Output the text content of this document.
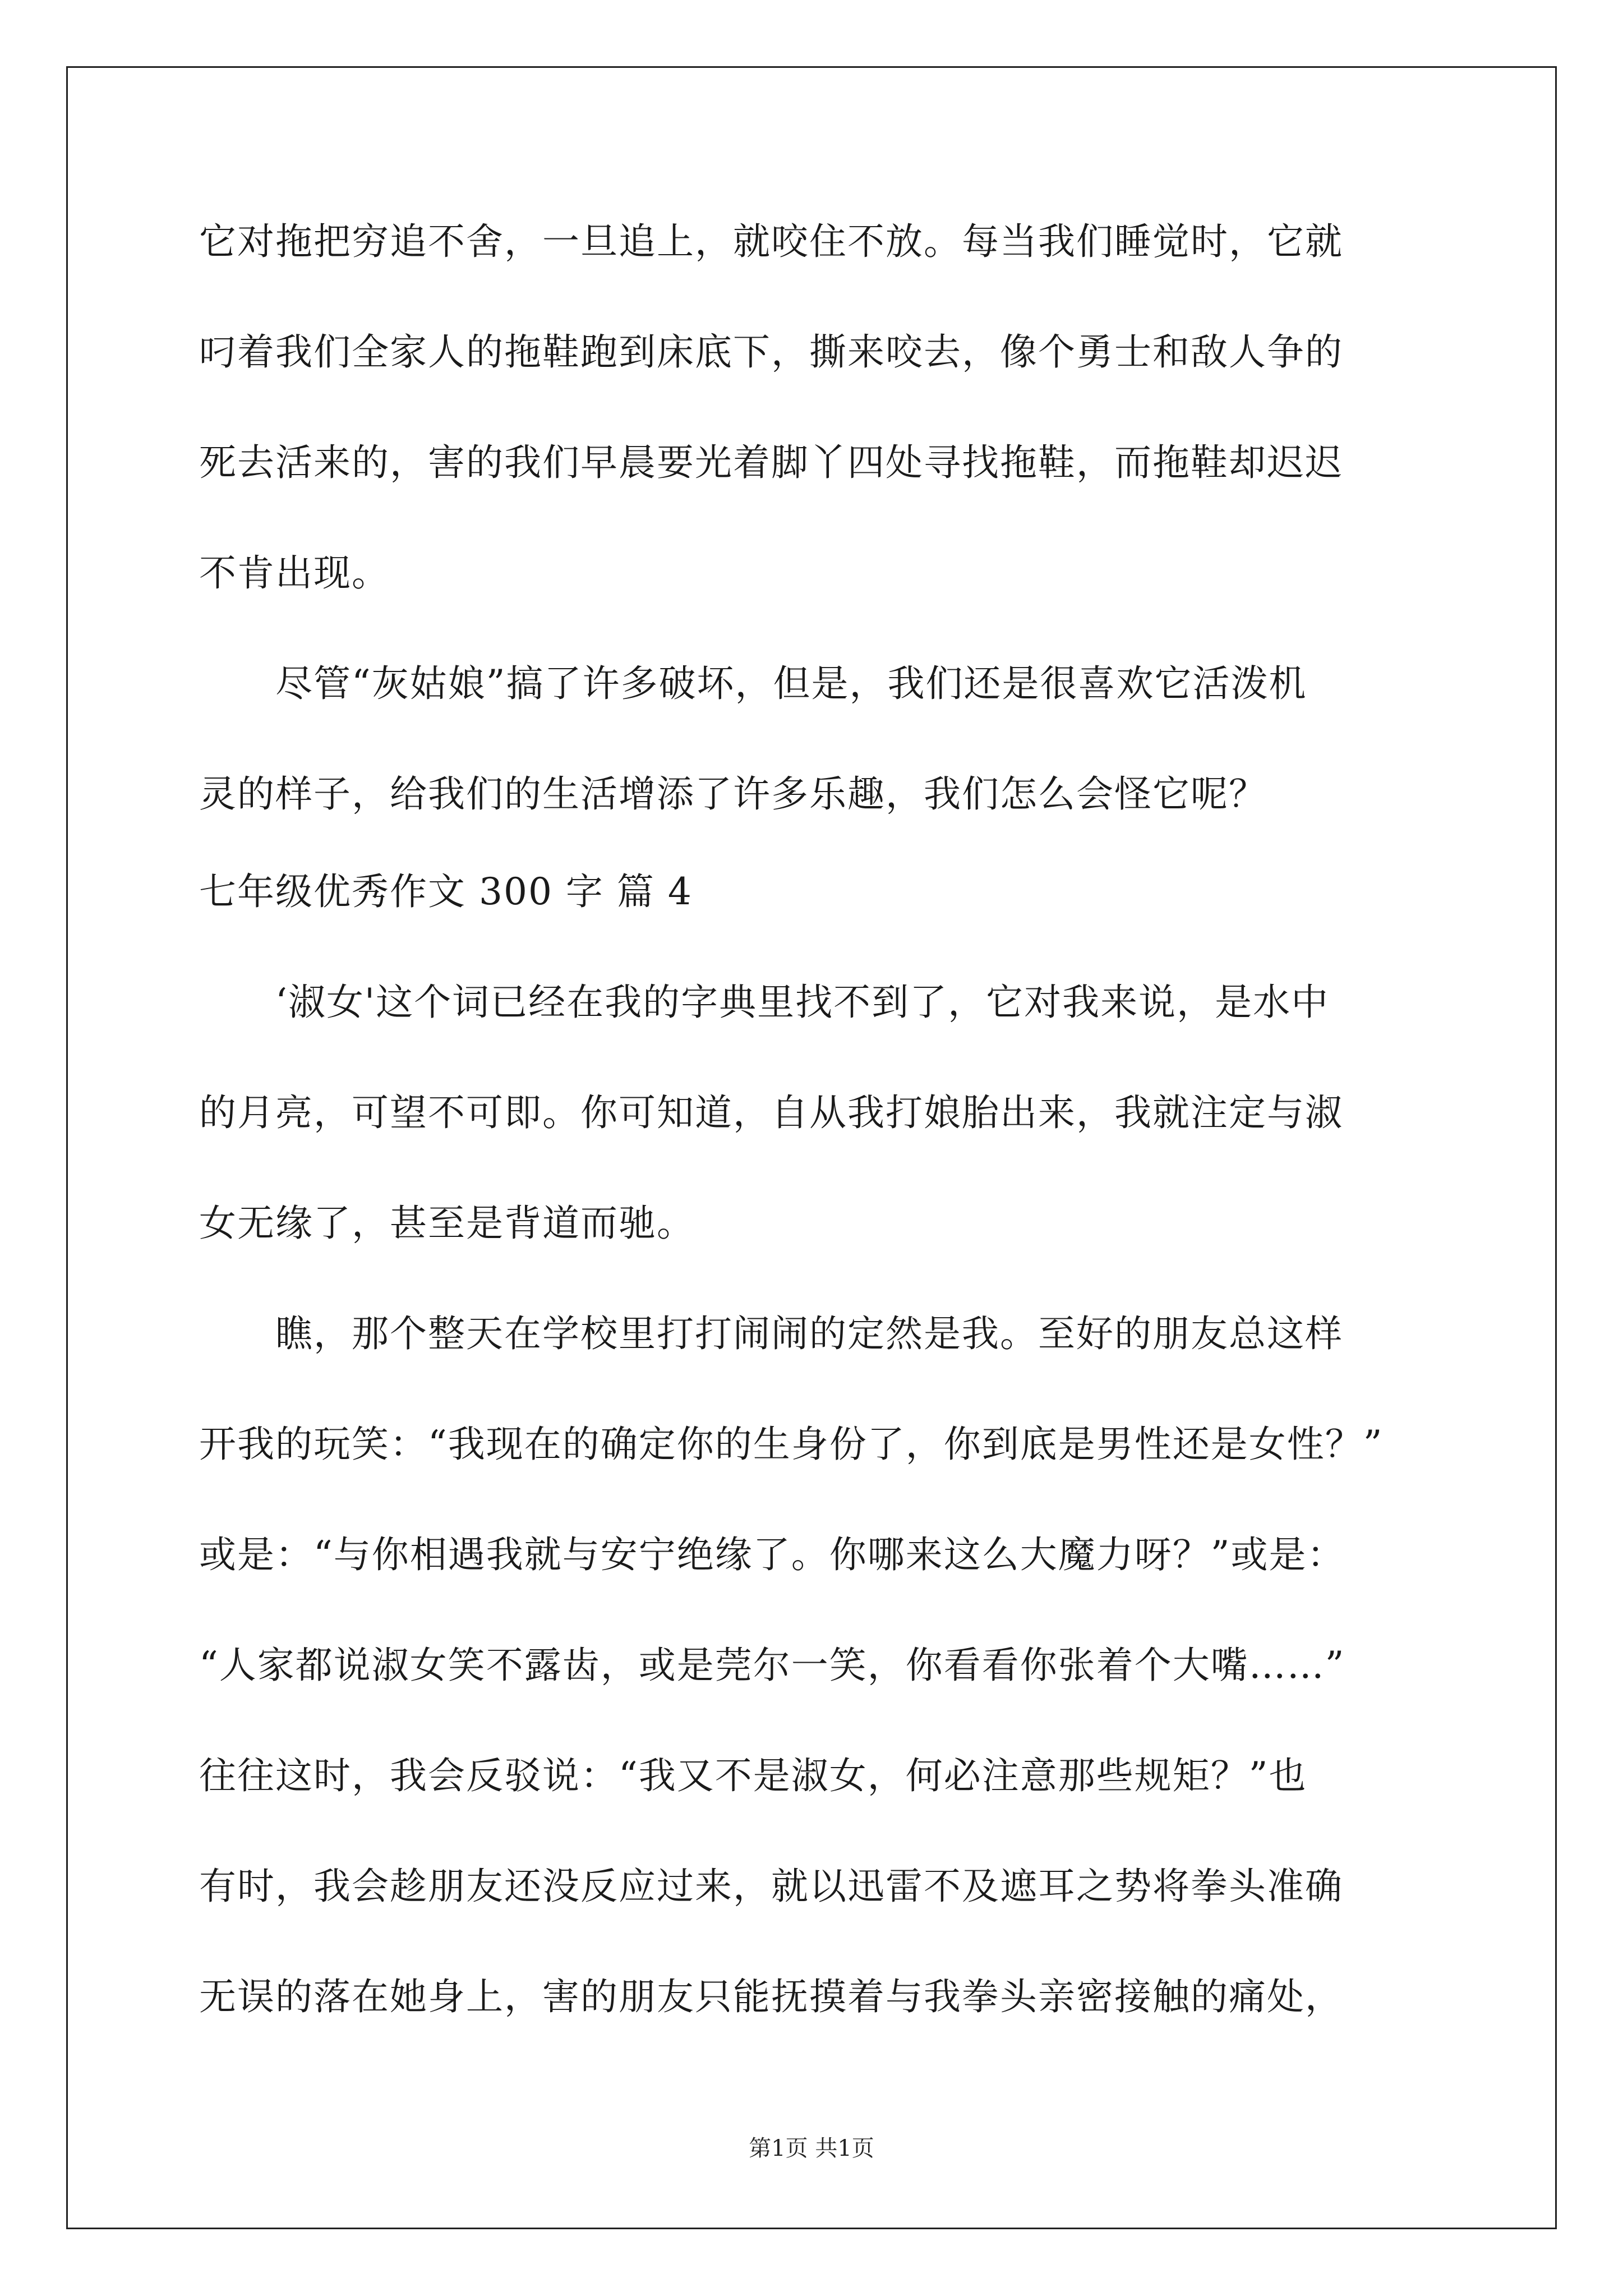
它对拖把穷追不舍，一旦追上，就咬住不放。每当我们睡觉时，它就
叼着我们全家人的拖鞋跑到床底下，撕来咬去，像个勇士和敌人争的
死去活来的，害的我们早晨要光着脚丫四处寻找拖鞋，而拖鞋却迟迟
不肯出现。
　　尽管“灰姑娘”搞了许多破坏，但是，我们还是很喜欢它活泼机
灵的样子，给我们的生活增添了许多乐趣，我们怎么会怪它呢？
七年级优秀作文 300 字 篇 4
　　‘淑女'这个词已经在我的字典里找不到了，它对我来说，是水中
的月亮，可望不可即。你可知道，自从我打娘胎出来，我就注定与淑
女无缘了，甚至是背道而驰。
　　瞧，那个整天在学校里打打闹闹的定然是我。至好的朋友总这样
开我的玩笑：“我现在的确定你的生身份了，你到底是男性还是女性？”
或是：“与你相遇我就与安宁绝缘了。你哪来这么大魔力呀？”或是：
“人家都说淑女笑不露齿，或是莞尔一笑，你看看你张着个大嘴……”
往往这时，我会反驳说：“我又不是淑女，何必注意那些规矩？”也
有时，我会趁朋友还没反应过来，就以迅雷不及遮耳之势将拳头准确
无误的落在她身上，害的朋友只能抚摸着与我拳头亲密接触的痛处，
第1页 共1页
